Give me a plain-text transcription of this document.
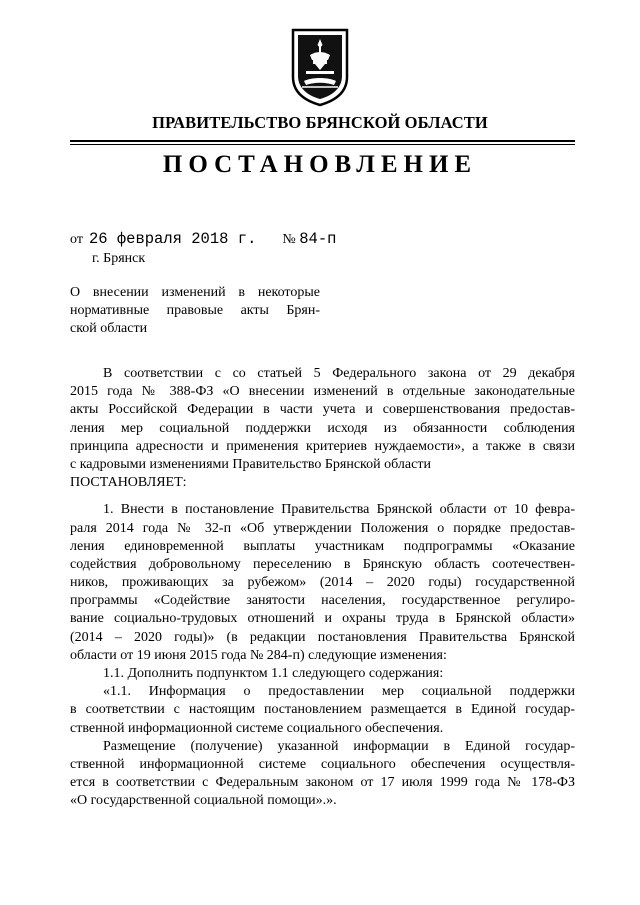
ПРАВИТЕЛЬСТВО БРЯНСКОЙ ОБЛАСТИ
ПОСТАНОВЛЕНИЕ
от 26 февраля 2018 г. № 84-п
г. Брянск
О внесении изменений в некоторые
нормативные правовые акты Брян-
ской области
В соответствии с со статьей 5 Федерального закона от 29 декабря
2015 года № 388-ФЗ «О внесении изменений в отдельные законодательные
акты Российской Федерации в части учета и совершенствования предостав-
ления мер социальной поддержки исходя из обязанности соблюдения
принципа адресности и применения критериев нуждаемости», а также в связи
с кадровыми изменениями Правительство Брянской области
ПОСТАНОВЛЯЕТ:
1. Внести в постановление Правительства Брянской области от 10 февра-
раля 2014 года № 32-п «Об утверждении Положения о порядке предостав-
ления единовременной выплаты участникам подпрограммы «Оказание
содействия добровольному переселению в Брянскую область соотечествен-
ников, проживающих за рубежом» (2014 – 2020 годы) государственной
программы «Содействие занятости населения, государственное регулиро-
вание социально-трудовых отношений и охраны труда в Брянской области»
(2014 – 2020 годы)» (в редакции постановления Правительства Брянской
области от 19 июня 2015 года № 284-п) следующие изменения:
1.1. Дополнить подпунктом 1.1 следующего содержания:
«1.1. Информация о предоставлении мер социальной поддержки
в соответствии с настоящим постановлением размещается в Единой государ-
ственной информационной системе социального обеспечения.
Размещение (получение) указанной информации в Единой государ-
ственной информационной системе социального обеспечения осуществля-
ется в соответствии с Федеральным законом от 17 июля 1999 года № 178-ФЗ
«О государственной социальной помощи».».
